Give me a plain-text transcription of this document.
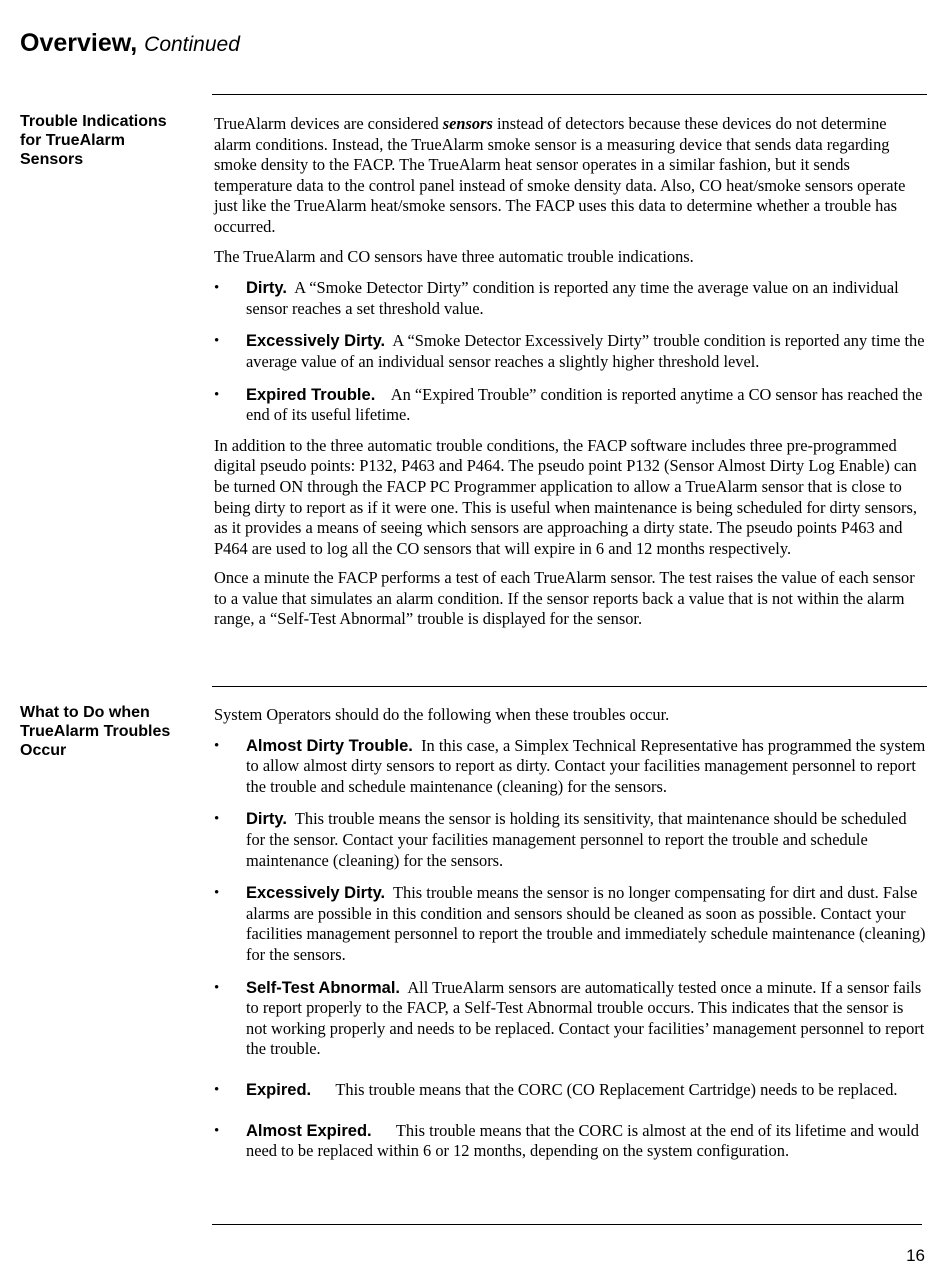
Overview, Continued
Trouble Indications for TrueAlarm Sensors

TrueAlarm devices are considered sensors instead of detectors because these devices do not determine alarm conditions. Instead, the TrueAlarm smoke sensor is a measuring device that sends data regarding smoke density to the FACP. The TrueAlarm heat sensor operates in a similar fashion, but it sends temperature data to the control panel instead of smoke density data. Also, CO heat/smoke sensors operate just like the TrueAlarm heat/smoke sensors. The FACP uses this data to determine whether a trouble has occurred.

The TrueAlarm and CO sensors have three automatic trouble indications.

• Dirty. A “Smoke Detector Dirty” condition is reported any time the average value on an individual sensor reaches a set threshold value.
• Excessively Dirty. A “Smoke Detector Excessively Dirty” trouble condition is reported any time the average value of an individual sensor reaches a slightly higher threshold level.
• Expired Trouble. An “Expired Trouble” condition is reported anytime a CO sensor has reached the end of its useful lifetime.

In addition to the three automatic trouble conditions, the FACP software includes three pre-programmed digital pseudo points: P132, P463 and P464. The pseudo point P132 (Sensor Almost Dirty Log Enable) can be turned ON through the FACP PC Programmer application to allow a TrueAlarm sensor that is close to being dirty to report as if it were one. This is useful when maintenance is being scheduled for dirty sensors, as it provides a means of seeing which sensors are approaching a dirty state. The pseudo points P463 and P464 are used to log all the CO sensors that will expire in 6 and 12 months respectively.

Once a minute the FACP performs a test of each TrueAlarm sensor. The test raises the value of each sensor to a value that simulates an alarm condition. If the sensor reports back a value that is not within the alarm range, a “Self-Test Abnormal” trouble is displayed for the sensor.

What to Do when TrueAlarm Troubles Occur

System Operators should do the following when these troubles occur.

• Almost Dirty Trouble. In this case, a Simplex Technical Representative has programmed the system to allow almost dirty sensors to report as dirty. Contact your facilities management personnel to report the trouble and schedule maintenance (cleaning) for the sensors.
• Dirty. This trouble means the sensor is holding its sensitivity, that maintenance should be scheduled for the sensor. Contact your facilities management personnel to report the trouble and schedule maintenance (cleaning) for the sensors.
• Excessively Dirty. This trouble means the sensor is no longer compensating for dirt and dust. False alarms are possible in this condition and sensors should be cleaned as soon as possible. Contact your facilities management personnel to report the trouble and immediately schedule maintenance (cleaning) for the sensors.
• Self-Test Abnormal. All TrueAlarm sensors are automatically tested once a minute. If a sensor fails to report properly to the FACP, a Self-Test Abnormal trouble occurs. This indicates that the sensor is not working properly and needs to be replaced. Contact your facilities’ management personnel to report the trouble.
• Expired. This trouble means that the CORC (CO Replacement Cartridge) needs to be replaced.
• Almost Expired. This trouble means that the CORC is almost at the end of its lifetime and would need to be replaced within 6 or 12 months, depending on the system configuration.
16
